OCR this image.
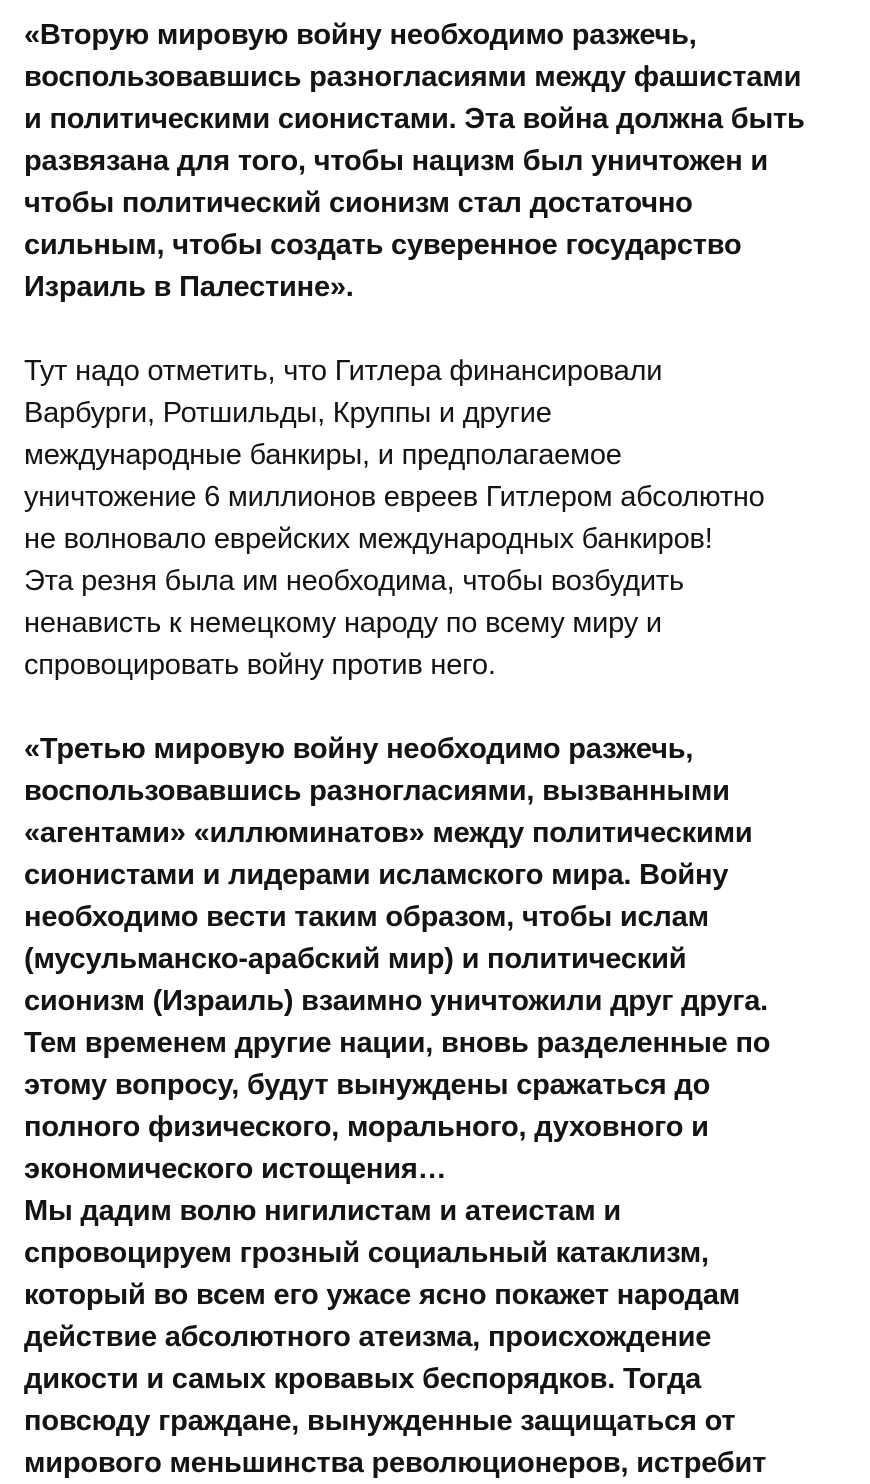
«Вторую мировую войну необходимо разжечь,
воспользовавшись разногласиями между фашистами
и политическими сионистами. Эта война должна быть
развязана для того, чтобы нацизм был уничтожен и
чтобы политический сионизм стал достаточно
сильным, чтобы создать суверенное государство
Израиль в Палестине».

Тут надо отметить, что Гитлера финансировали
Варбурги, Ротшильды, Круппы и другие
международные банкиры, и предполагаемое
уничтожение 6 миллионов евреев Гитлером абсолютно
не волновало еврейских международных банкиров!
Эта резня была им необходима, чтобы возбудить
ненависть к немецкому народу по всему миру и
спровоцировать войну против него.

«Третью мировую войну необходимо разжечь,
воспользовавшись разногласиями, вызванными
«агентами» «иллюминатов» между политическими
сионистами и лидерами исламского мира. Войну
необходимо вести таким образом, чтобы ислам
(мусульманско-арабский мир) и политический
сионизм (Израиль) взаимно уничтожили друг друга.
Тем временем другие нации, вновь разделенные по
этому вопросу, будут вынуждены сражаться до
полного физического, морального, духовного и
экономического истощения…
Мы дадим волю нигилистам и атеистам и
спровоцируем грозный социальный катаклизм,
который во всем его ужасе ясно покажет народам
действие абсолютного атеизма, происхождение
дикости и самых кровавых беспорядков. Тогда
повсюду граждане, вынужденные защищаться от
мирового меньшинства революционеров, истребит
